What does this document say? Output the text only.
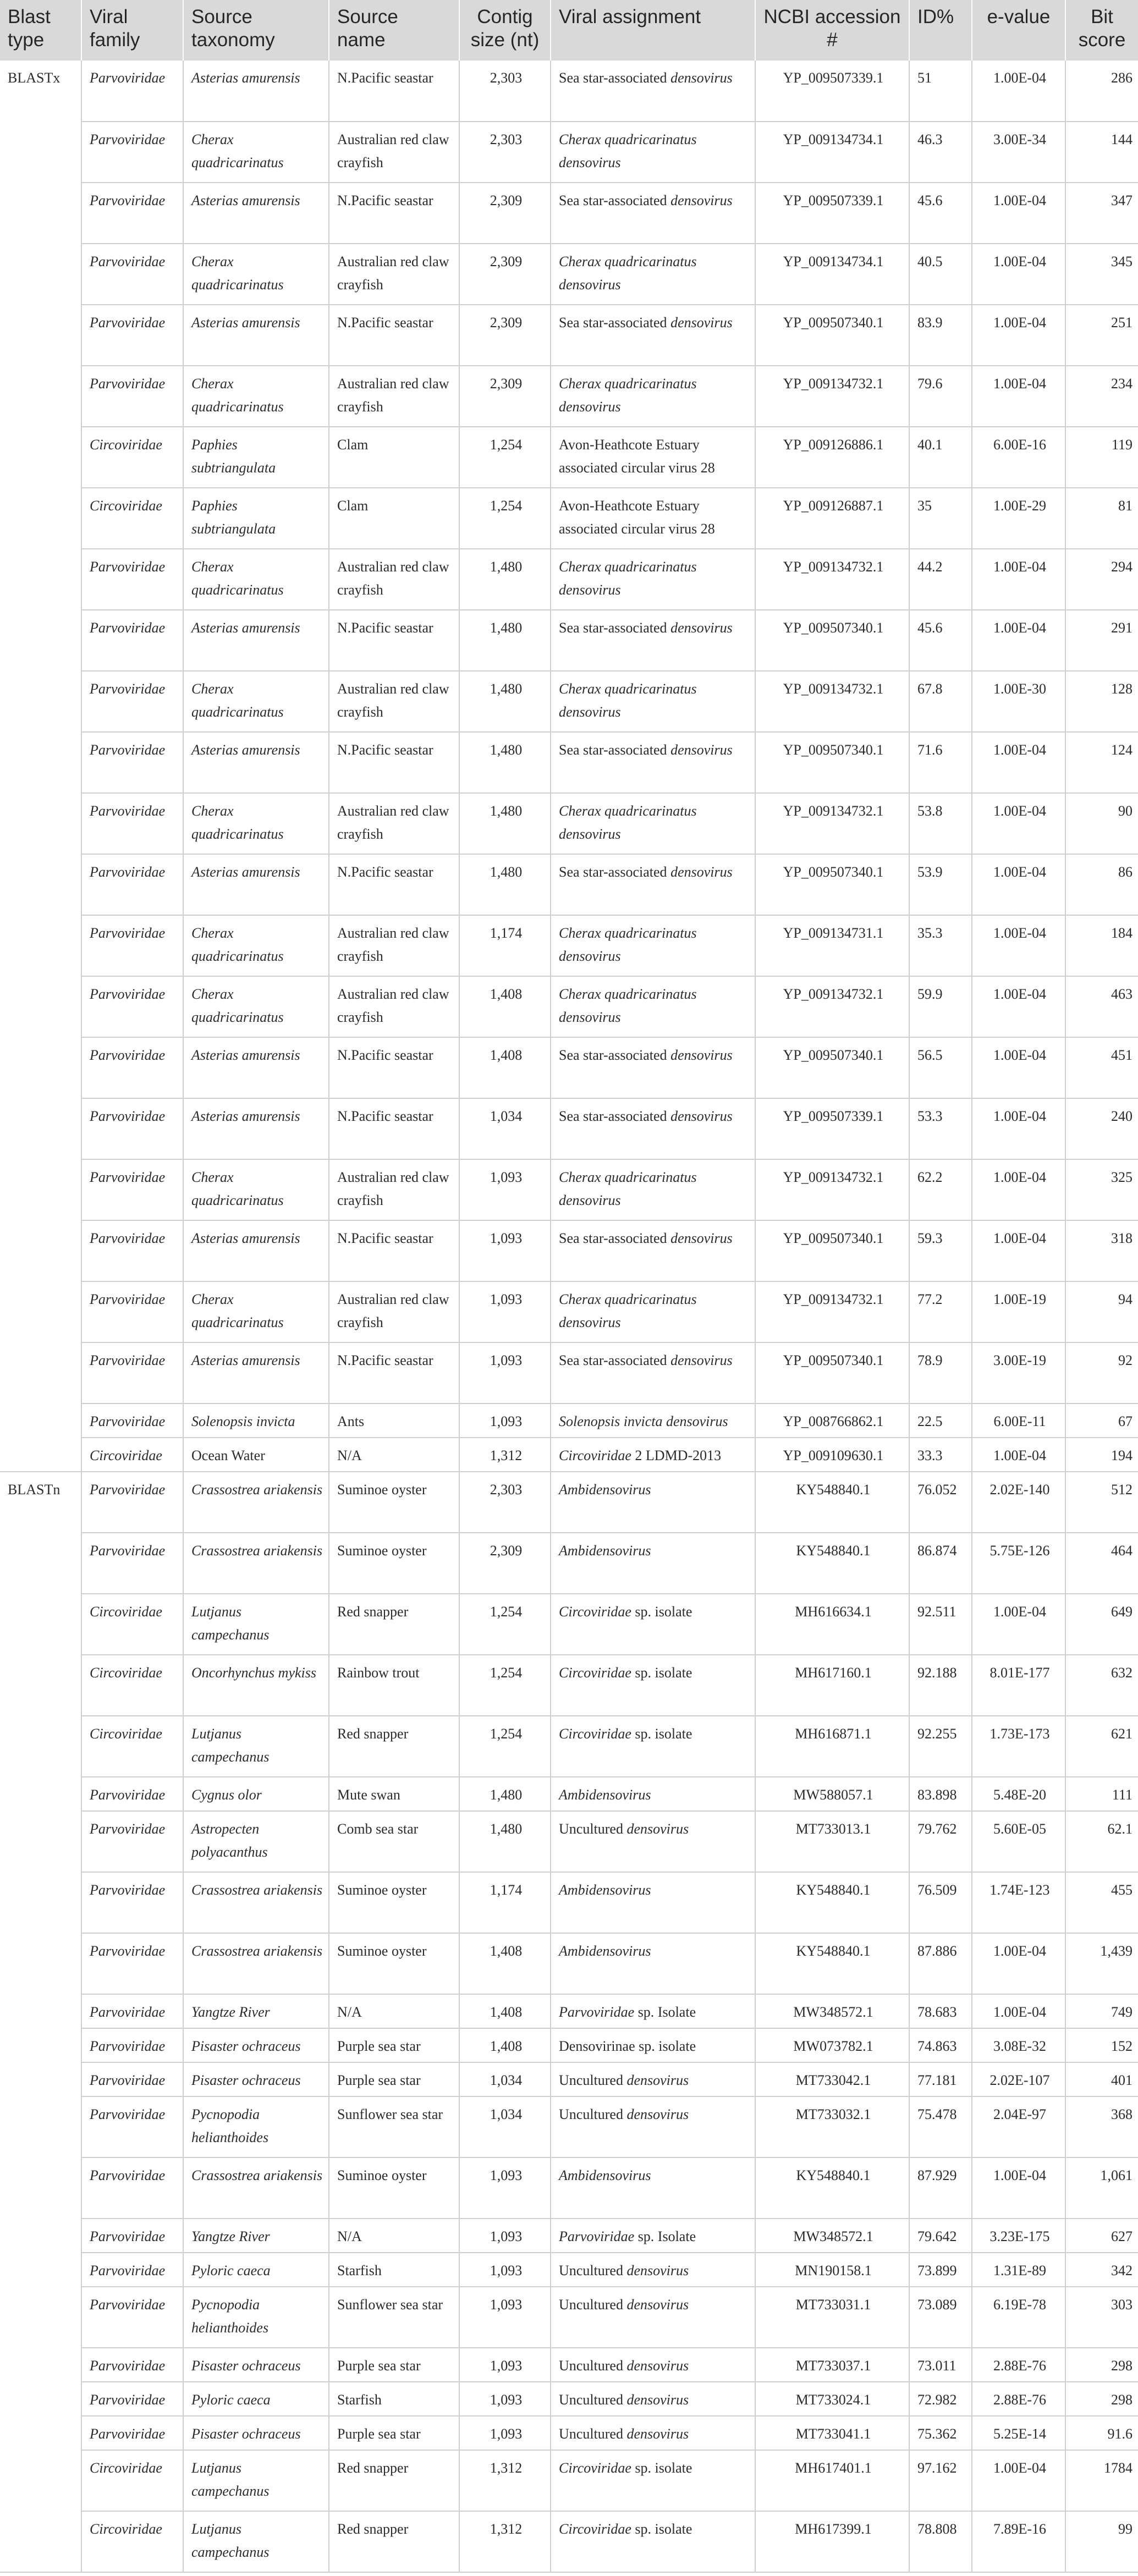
Blast type	Viral family	Source taxonomy	Source name	Contig size (nt)	Viral assignment	NCBI accession #	ID%	e-value	Bit score
BLASTx	Parvoviridae	Asterias amurensis	N.Pacific seastar	2,303	Sea star-associated densovirus	YP_009507339.1	51	1.00E-04	286
	Parvoviridae	Cherax quadricarinatus	Australian red claw crayfish	2,303	Cherax quadricarinatus densovirus	YP_009134734.1	46.3	3.00E-34	144
	Parvoviridae	Asterias amurensis	N.Pacific seastar	2,309	Sea star-associated densovirus	YP_009507339.1	45.6	1.00E-04	347
	Parvoviridae	Cherax quadricarinatus	Australian red claw crayfish	2,309	Cherax quadricarinatus densovirus	YP_009134734.1	40.5	1.00E-04	345
	Parvoviridae	Asterias amurensis	N.Pacific seastar	2,309	Sea star-associated densovirus	YP_009507340.1	83.9	1.00E-04	251
	Parvoviridae	Cherax quadricarinatus	Australian red claw crayfish	2,309	Cherax quadricarinatus densovirus	YP_009134732.1	79.6	1.00E-04	234
	Circoviridae	Paphies subtriangulata	Clam	1,254	Avon-Heathcote Estuary associated circular virus 28	YP_009126886.1	40.1	6.00E-16	119
	Circoviridae	Paphies subtriangulata	Clam	1,254	Avon-Heathcote Estuary associated circular virus 28	YP_009126887.1	35	1.00E-29	81
	Parvoviridae	Cherax quadricarinatus	Australian red claw crayfish	1,480	Cherax quadricarinatus densovirus	YP_009134732.1	44.2	1.00E-04	294
	Parvoviridae	Asterias amurensis	N.Pacific seastar	1,480	Sea star-associated densovirus	YP_009507340.1	45.6	1.00E-04	291
	Parvoviridae	Cherax quadricarinatus	Australian red claw crayfish	1,480	Cherax quadricarinatus densovirus	YP_009134732.1	67.8	1.00E-30	128
	Parvoviridae	Asterias amurensis	N.Pacific seastar	1,480	Sea star-associated densovirus	YP_009507340.1	71.6	1.00E-04	124
	Parvoviridae	Cherax quadricarinatus	Australian red claw crayfish	1,480	Cherax quadricarinatus densovirus	YP_009134732.1	53.8	1.00E-04	90
	Parvoviridae	Asterias amurensis	N.Pacific seastar	1,480	Sea star-associated densovirus	YP_009507340.1	53.9	1.00E-04	86
	Parvoviridae	Cherax quadricarinatus	Australian red claw crayfish	1,174	Cherax quadricarinatus densovirus	YP_009134731.1	35.3	1.00E-04	184
	Parvoviridae	Cherax quadricarinatus	Australian red claw crayfish	1,408	Cherax quadricarinatus densovirus	YP_009134732.1	59.9	1.00E-04	463
	Parvoviridae	Asterias amurensis	N.Pacific seastar	1,408	Sea star-associated densovirus	YP_009507340.1	56.5	1.00E-04	451
	Parvoviridae	Asterias amurensis	N.Pacific seastar	1,034	Sea star-associated densovirus	YP_009507339.1	53.3	1.00E-04	240
	Parvoviridae	Cherax quadricarinatus	Australian red claw crayfish	1,093	Cherax quadricarinatus densovirus	YP_009134732.1	62.2	1.00E-04	325
	Parvoviridae	Asterias amurensis	N.Pacific seastar	1,093	Sea star-associated densovirus	YP_009507340.1	59.3	1.00E-04	318
	Parvoviridae	Cherax quadricarinatus	Australian red claw crayfish	1,093	Cherax quadricarinatus densovirus	YP_009134732.1	77.2	1.00E-19	94
	Parvoviridae	Asterias amurensis	N.Pacific seastar	1,093	Sea star-associated densovirus	YP_009507340.1	78.9	3.00E-19	92
	Parvoviridae	Solenopsis invicta	Ants	1,093	Solenopsis invicta densovirus	YP_008766862.1	22.5	6.00E-11	67
	Circoviridae	Ocean Water	N/A	1,312	Circoviridae 2 LDMD-2013	YP_009109630.1	33.3	1.00E-04	194
BLASTn	Parvoviridae	Crassostrea ariakensis	Suminoe oyster	2,303	Ambidensovirus	KY548840.1	76.052	2.02E-140	512
	Parvoviridae	Crassostrea ariakensis	Suminoe oyster	2,309	Ambidensovirus	KY548840.1	86.874	5.75E-126	464
	Circoviridae	Lutjanus campechanus	Red snapper	1,254	Circoviridae sp. isolate	MH616634.1	92.511	1.00E-04	649
	Circoviridae	Oncorhynchus mykiss	Rainbow trout	1,254	Circoviridae sp. isolate	MH617160.1	92.188	8.01E-177	632
	Circoviridae	Lutjanus campechanus	Red snapper	1,254	Circoviridae sp. isolate	MH616871.1	92.255	1.73E-173	621
	Parvoviridae	Cygnus olor	Mute swan	1,480	Ambidensovirus	MW588057.1	83.898	5.48E-20	111
	Parvoviridae	Astropecten polyacanthus	Comb sea star	1,480	Uncultured densovirus	MT733013.1	79.762	5.60E-05	62.1
	Parvoviridae	Crassostrea ariakensis	Suminoe oyster	1,174	Ambidensovirus	KY548840.1	76.509	1.74E-123	455
	Parvoviridae	Crassostrea ariakensis	Suminoe oyster	1,408	Ambidensovirus	KY548840.1	87.886	1.00E-04	1,439
	Parvoviridae	Yangtze River	N/A	1,408	Parvoviridae sp. Isolate	MW348572.1	78.683	1.00E-04	749
	Parvoviridae	Pisaster ochraceus	Purple sea star	1,408	Densovirinae sp. isolate	MW073782.1	74.863	3.08E-32	152
	Parvoviridae	Pisaster ochraceus	Purple sea star	1,034	Uncultured densovirus	MT733042.1	77.181	2.02E-107	401
	Parvoviridae	Pycnopodia helianthoides	Sunflower sea star	1,034	Uncultured densovirus	MT733032.1	75.478	2.04E-97	368
	Parvoviridae	Crassostrea ariakensis	Suminoe oyster	1,093	Ambidensovirus	KY548840.1	87.929	1.00E-04	1,061
	Parvoviridae	Yangtze River	N/A	1,093	Parvoviridae sp. Isolate	MW348572.1	79.642	3.23E-175	627
	Parvoviridae	Pyloric caeca	Starfish	1,093	Uncultured densovirus	MN190158.1	73.899	1.31E-89	342
	Parvoviridae	Pycnopodia helianthoides	Sunflower sea star	1,093	Uncultured densovirus	MT733031.1	73.089	6.19E-78	303
	Parvoviridae	Pisaster ochraceus	Purple sea star	1,093	Uncultured densovirus	MT733037.1	73.011	2.88E-76	298
	Parvoviridae	Pyloric caeca	Starfish	1,093	Uncultured densovirus	MT733024.1	72.982	2.88E-76	298
	Parvoviridae	Pisaster ochraceus	Purple sea star	1,093	Uncultured densovirus	MT733041.1	75.362	5.25E-14	91.6
	Circoviridae	Lutjanus campechanus	Red snapper	1,312	Circoviridae sp. isolate	MH617401.1	97.162	1.00E-04	1784
	Circoviridae	Lutjanus campechanus	Red snapper	1,312	Circoviridae sp. isolate	MH617399.1	78.808	7.89E-16	99
